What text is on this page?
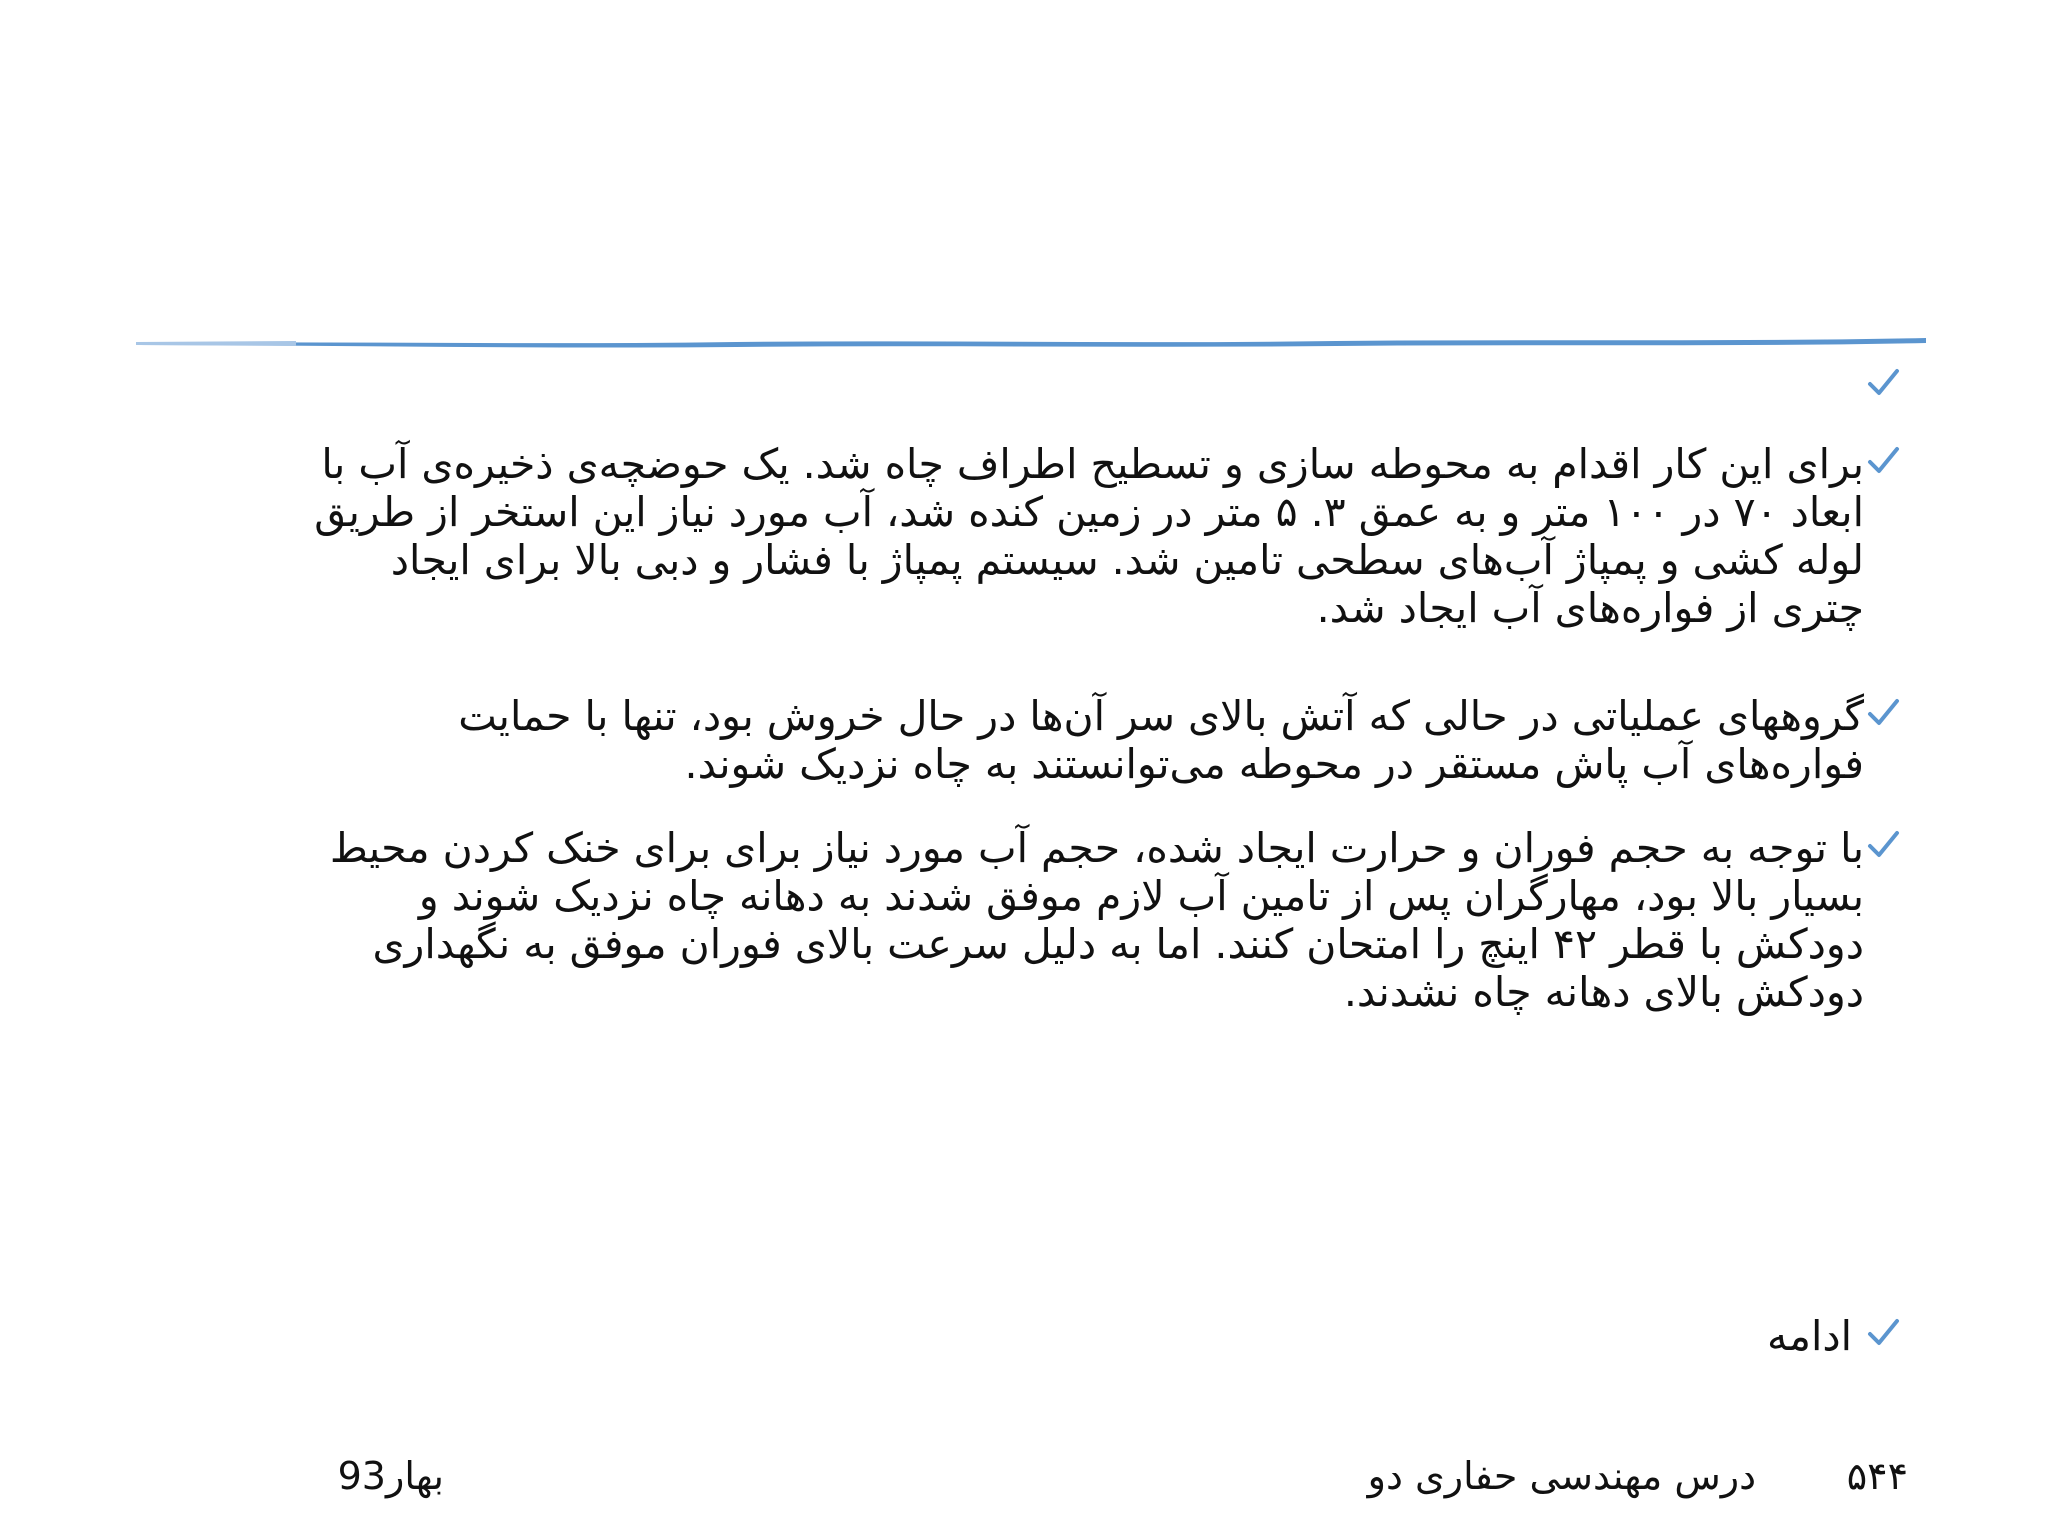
برای این کار اقدام به محوطه سازی و تسطیح اطراف چاه شد. یک حوضچه‌ی ذخیره‌ی آب با ابعاد ۷۰ در ۱۰۰ متر و به عمق ۳. ۵ متر در زمین کنده شد، آب مورد نیاز این استخر از طریق لوله کشی و پمپاژ آب‌های سطحی تامین شد. سیستم پمپاژ با فشار و دبی بالا برای ایجاد چتری از فواره‌های آب ایجاد شد.
گروههای عملیاتی در حالی که آتش بالای سر آن‌ها در حال خروش بود، تنها با حمایت فواره‌های آب پاش مستقر در محوطه می‌توانستند به چاه نزدیک شوند.
با توجه به حجم فوران و حرارت ایجاد شده، حجم آب مورد نیاز برای برای خنک کردن محیط بسیار بالا بود، مهارگران پس از تامین آب لازم موفق شدند به دهانه چاه نزدیک شوند و دودکش با قطر ۴۲ اینچ را امتحان کنند. اما به دلیل سرعت بالای فوران موفق به نگهداری دودکش بالای دهانه چاه نشدند.
ادامه
۵۴۴
درس مهندسی حفاری دو
بهار93
